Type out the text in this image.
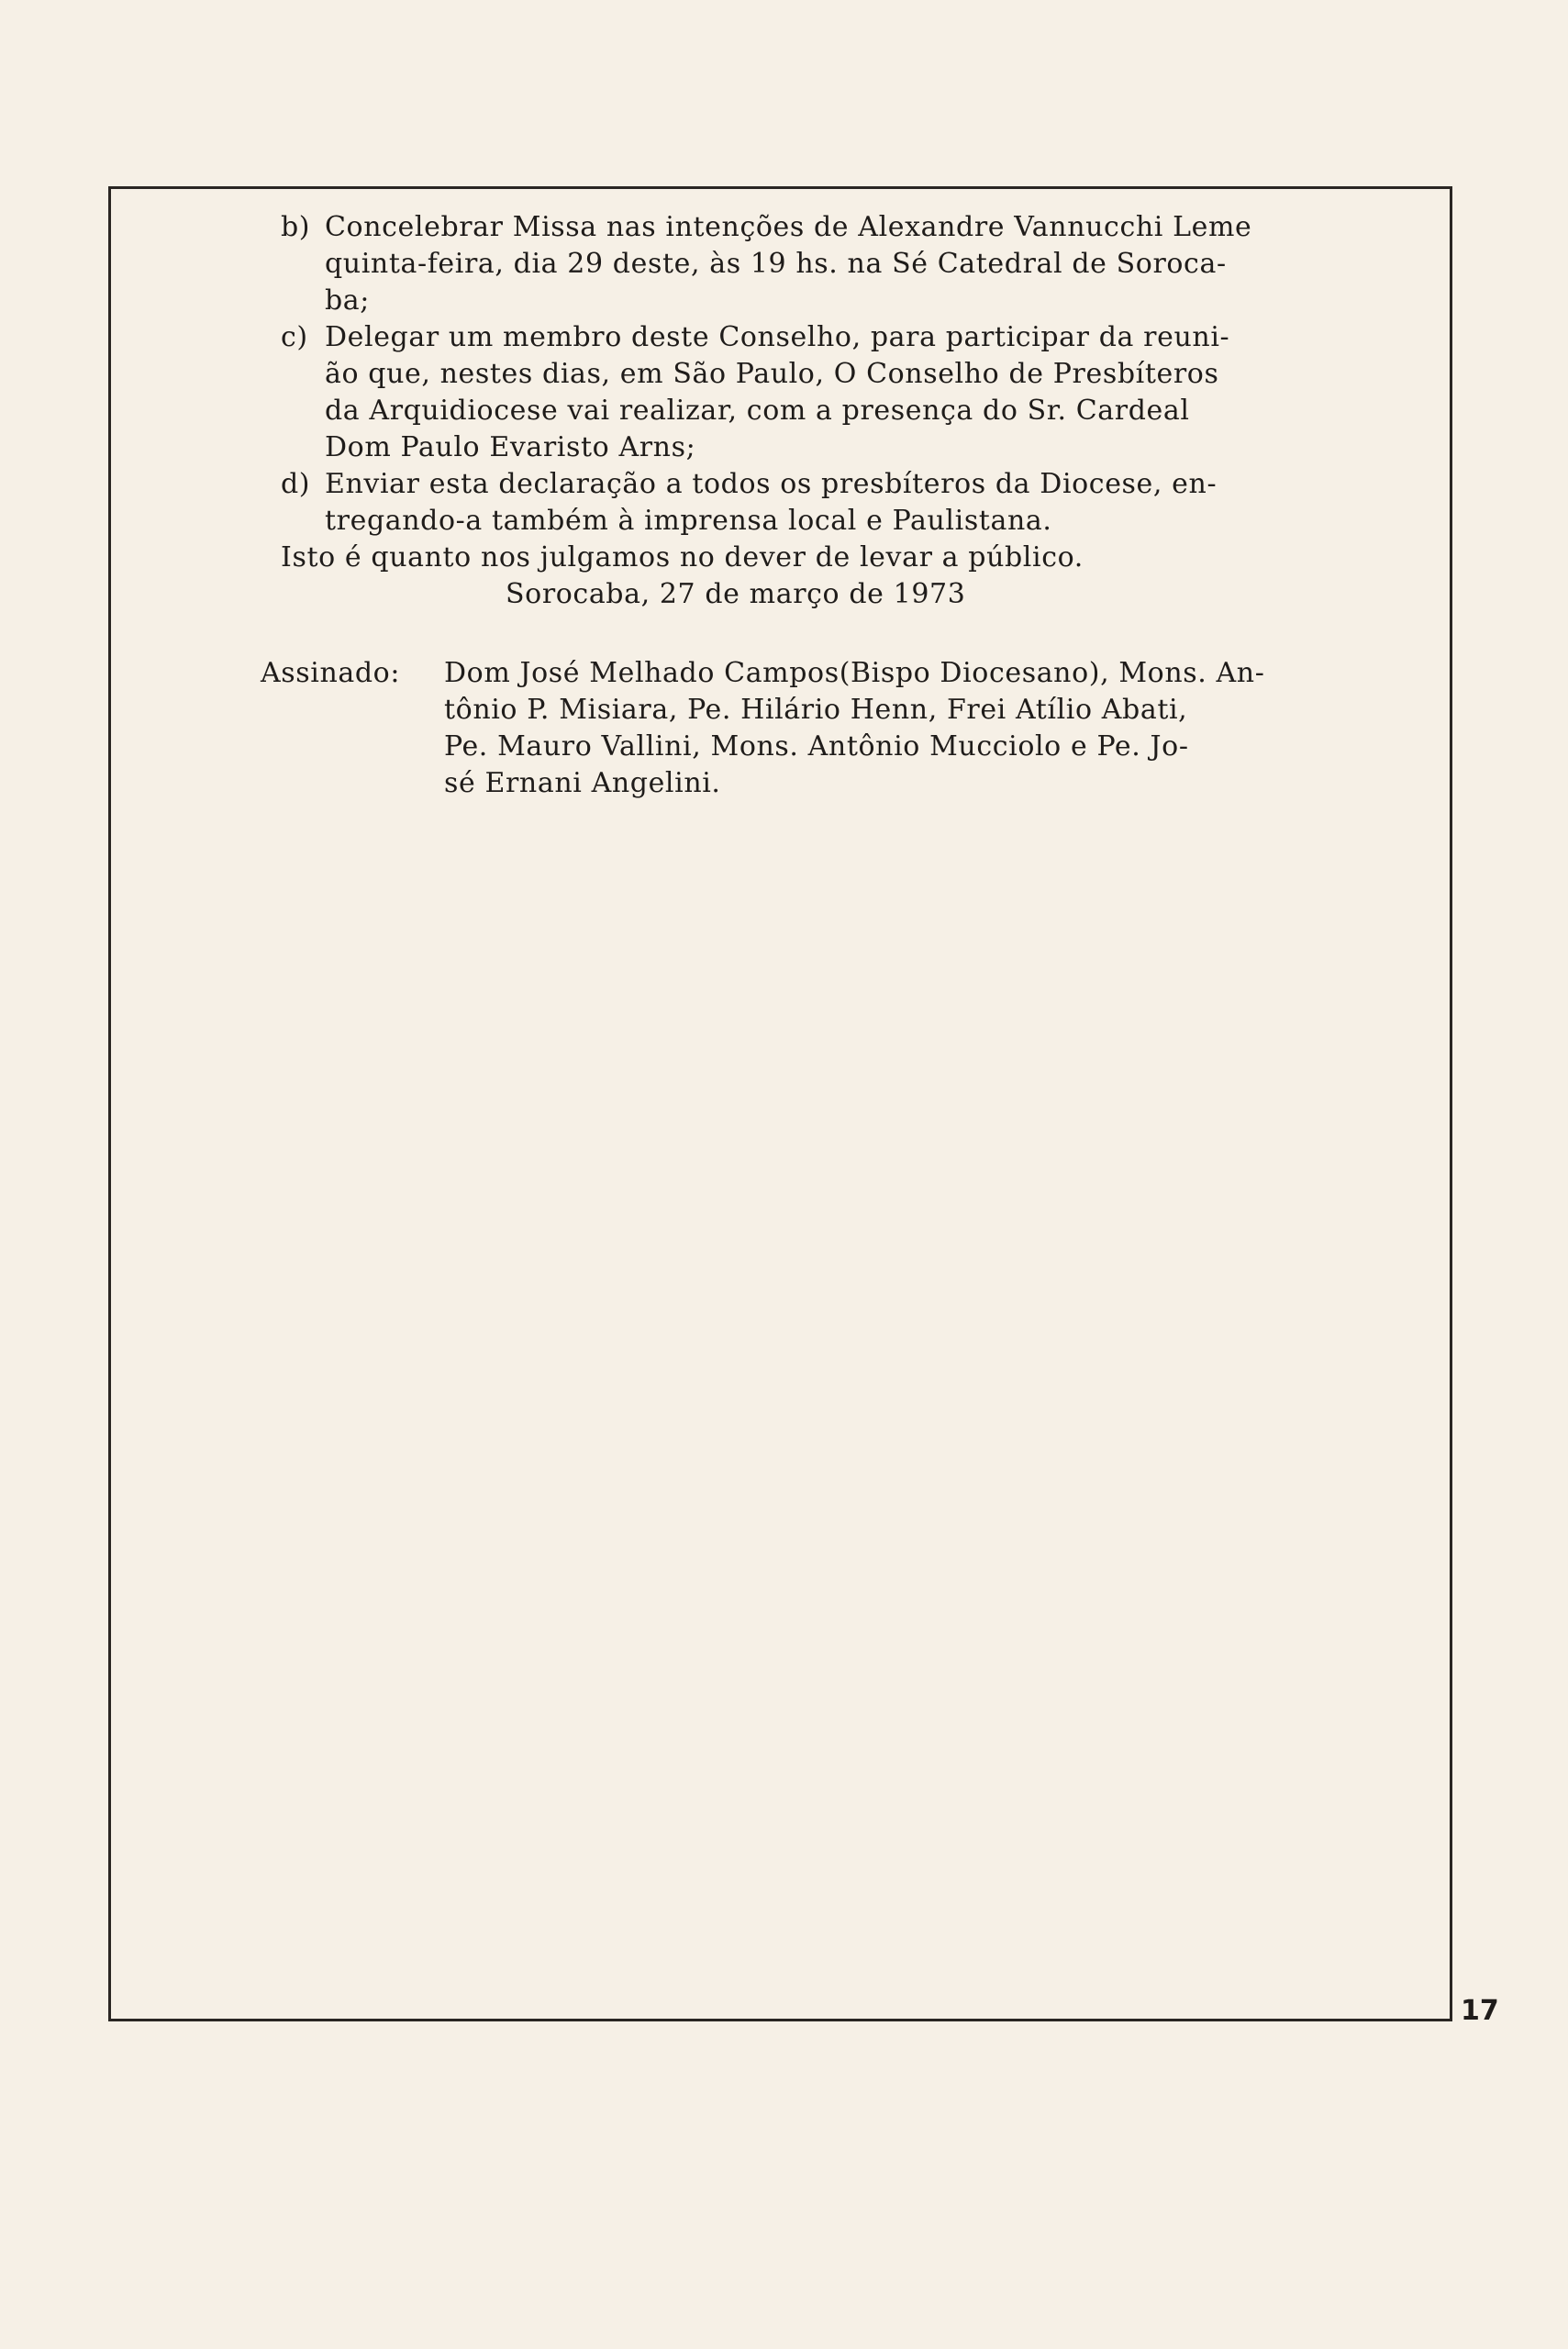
b) Concelebrar Missa nas intenções de Alexandre Vannucchi Leme
quinta-feira, dia 29 deste, às 19 hs. na Sé Catedral de Soroca-
ba;
c) Delegar um membro deste Conselho, para participar da reuni-
ão que, nestes dias, em São Paulo, O Conselho de Presbíteros
da Arquidiocese vai realizar, com a presença do Sr. Cardeal
Dom Paulo Evaristo Arns;
d) Enviar esta declaração a todos os presbíteros da Diocese, en-
tregando-a também à imprensa local e Paulistana.

Isto é quanto nos julgamos no dever de levar a público.

Sorocaba, 27 de março de 1973

Assinado: Dom José Melhado Campos(Bispo Diocesano), Mons. An-
tônio P. Misiara, Pe. Hilário Henn, Frei Atílio Abati,
Pe. Mauro Vallini, Mons. Antônio Mucciolo e Pe. Jo-
sé Ernani Angelini.
17
